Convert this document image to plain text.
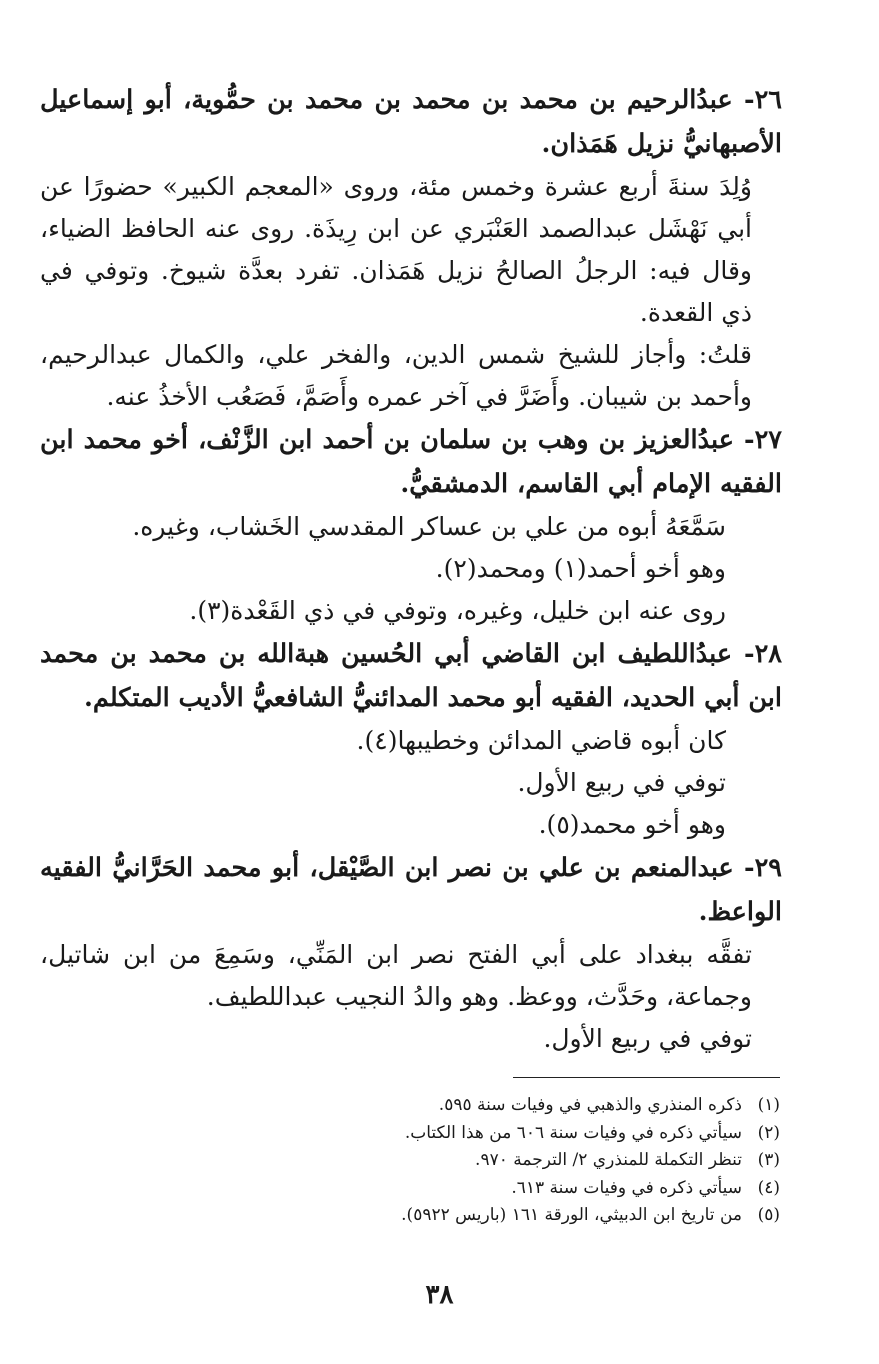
٢٦- عبدُالرحيم بن محمد بن محمد بن محمد بن حمُّوية، أبو إسماعيل الأصبهانيُّ نزيل هَمَذان.

وُلِدَ سنةَ أربع عشرة وخمس مئة، وروى «المعجم الكبير» حضورًا عن أبي نَهْشَل عبدالصمد العَنْبَري عن ابن رِيذَة. روى عنه الحافظ الضياء، وقال فيه: الرجلُ الصالحُ نزيل هَمَذان. تفرد بعدَّة شيوخ. وتوفي في ذي القعدة.

قلتُ: وأجاز للشيخ شمس الدين، والفخر علي، والكمال عبدالرحيم، وأحمد بن شيبان. وأَضَرَّ في آخر عمره وأَصَمَّ، فَصَعُب الأخذُ عنه.

٢٧- عبدُالعزيز بن وهب بن سلمان بن أحمد ابن الزَّنْف، أخو محمد ابن الفقيه الإمام أبي القاسم، الدمشقيُّ.

سَمَّعَهُ أبوه من علي بن عساكر المقدسي الخَشاب، وغيره.

وهو أخو أحمد(١) ومحمد(٢).

روى عنه ابن خليل، وغيره، وتوفي في ذي القَعْدة(٣).

٢٨- عبدُاللطيف ابن القاضي أبي الحُسين هبةالله بن محمد بن محمد ابن أبي الحديد، الفقيه أبو محمد المدائنيُّ الشافعيُّ الأديب المتكلم.

كان أبوه قاضي المدائن وخطيبها(٤).

توفي في ربيع الأول.

وهو أخو محمد(٥).

٢٩- عبدالمنعم بن علي بن نصر ابن الصَّيْقل، أبو محمد الحَرَّانيُّ الفقيه الواعظ.

تفقَّه ببغداد على أبي الفتح نصر ابن المَنِّي، وسَمِعَ من ابن شاتيل، وجماعة، وحَدَّث، ووعظ. وهو والدُ النجيب عبداللطيف.

توفي في ربيع الأول.

(١)
ذكره المنذري والذهبي في وفيات سنة ٥٩٥.
(٢)
سيأتي ذكره في وفيات سنة ٦٠٦ من هذا الكتاب.
(٣)
تنظر التكملة للمنذري ٢/ الترجمة ٩٧٠.
(٤)
سيأتي ذكره في وفيات سنة ٦١٣.
(٥)
من تاريخ ابن الدبيثي، الورقة ١٦١ (باريس ٥٩٢٢).
٣٨
